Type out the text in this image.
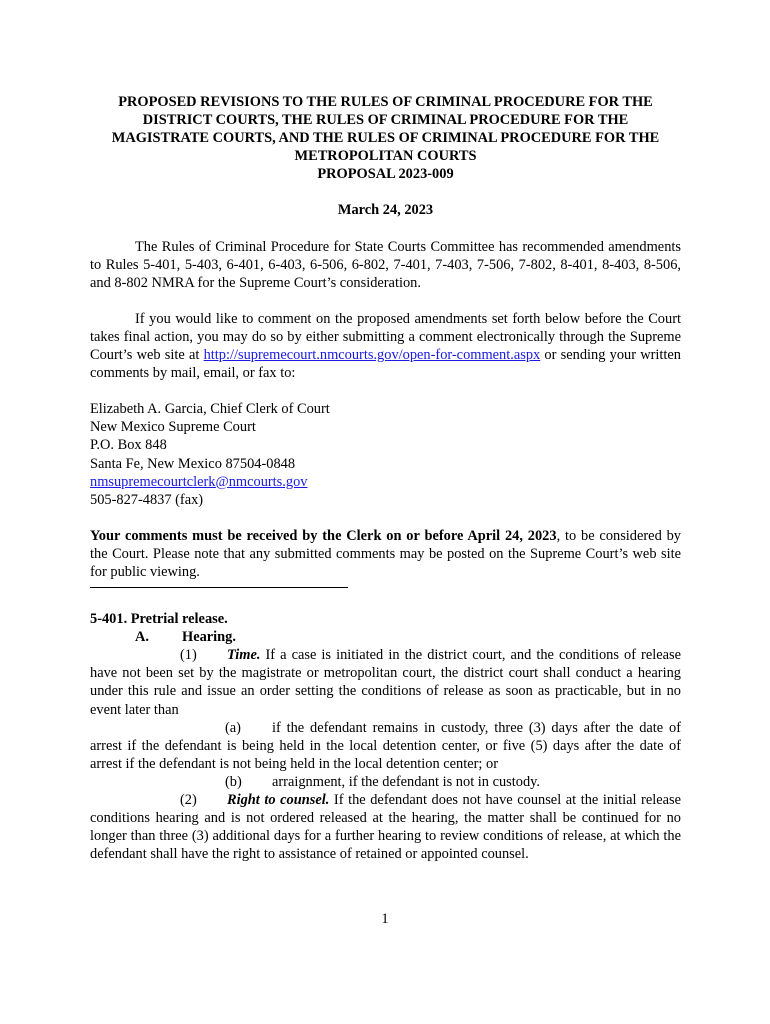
PROPOSED REVISIONS TO THE RULES OF CRIMINAL PROCEDURE FOR THE
DISTRICT COURTS, THE RULES OF CRIMINAL PROCEDURE FOR THE
MAGISTRATE COURTS, AND THE RULES OF CRIMINAL PROCEDURE FOR THE
METROPOLITAN COURTS
PROPOSAL 2023-009

March 24, 2023

The Rules of Criminal Procedure for State Courts Committee has recommended amendments to Rules 5-401, 5-403, 6-401, 6-403, 6-506, 6-802, 7-401, 7-403, 7-506, 7-802, 8-401, 8-403, 8-506, and 8-802 NMRA for the Supreme Court’s consideration.

If you would like to comment on the proposed amendments set forth below before the Court takes final action, you may do so by either submitting a comment electronically through the Supreme Court’s web site at http://supremecourt.nmcourts.gov/open-for-comment.aspx or sending your written comments by mail, email, or fax to:

Elizabeth A. Garcia, Chief Clerk of Court
New Mexico Supreme Court
P.O. Box 848
Santa Fe, New Mexico 87504-0848
nmsupremecourtclerk@nmcourts.gov
505-827-4837 (fax)

Your comments must be received by the Clerk on or before April 24, 2023, to be considered by the Court. Please note that any submitted comments may be posted on the Supreme Court’s web site for public viewing.

5-401. Pretrial release.
A. Hearing.

(1) Time. If a case is initiated in the district court, and the conditions of release have not been set by the magistrate or metropolitan court, the district court shall conduct a hearing under this rule and issue an order setting the conditions of release as soon as practicable, but in no event later than

(a) if the defendant remains in custody, three (3) days after the date of arrest if the defendant is being held in the local detention center, or five (5) days after the date of arrest if the defendant is not being held in the local detention center; or

(b) arraignment, if the defendant is not in custody.

(2) Right to counsel. If the defendant does not have counsel at the initial release conditions hearing and is not ordered released at the hearing, the matter shall be continued for no longer than three (3) additional days for a further hearing to review conditions of release, at which the defendant shall have the right to assistance of retained or appointed counsel.

1
